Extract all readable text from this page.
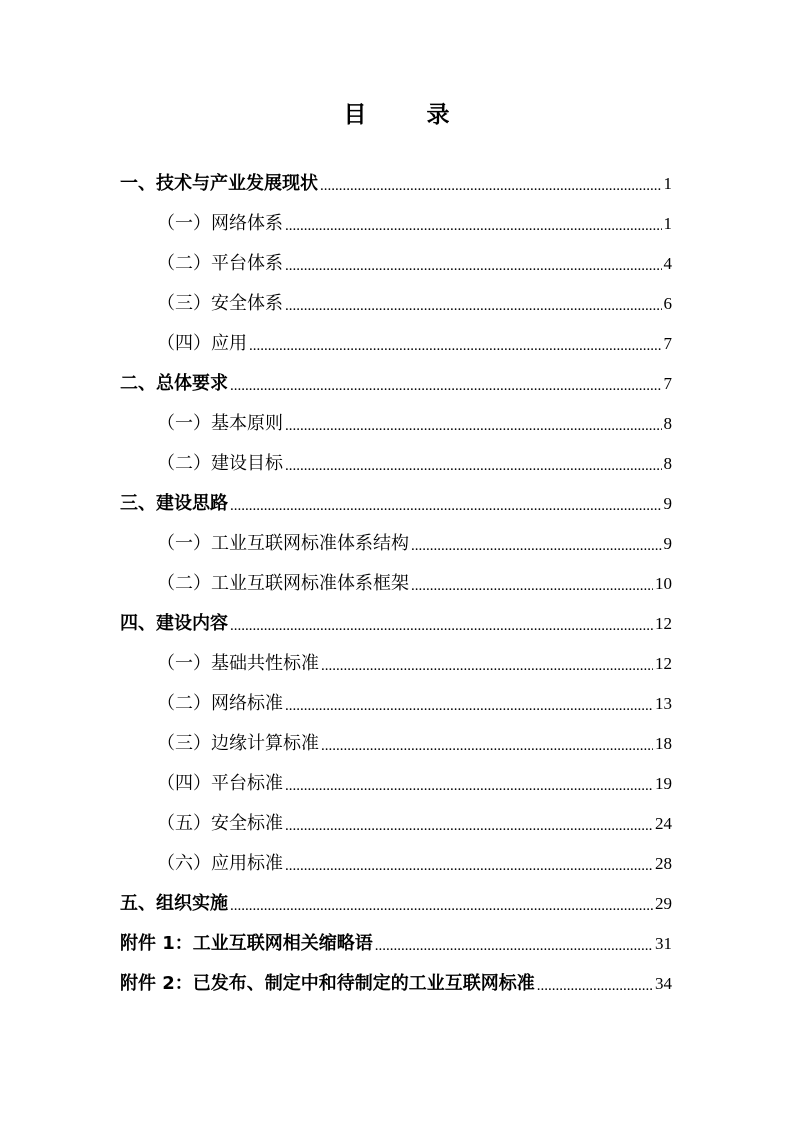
目 录
一、技术与产业发展现状 .....	1
（一）网络体系 .....	1
（二）平台体系 .....	4
（三）安全体系 .....	6
（四）应用 .....	7
二、总体要求 .....	7
（一）基本原则 .....	8
（二）建设目标 .....	8
三、建设思路 .....	9
（一）工业互联网标准体系结构 .....	9
（二）工业互联网标准体系框架 .....	10
四、建设内容 .....	12
（一）基础共性标准 .....	12
（二）网络标准 .....	13
（三）边缘计算标准 .....	18
（四）平台标准 .....	19
（五）安全标准 .....	24
（六）应用标准 .....	28
五、组织实施 .....	29
附件 1：工业互联网相关缩略语 .....	31
附件 2：已发布、制定中和待制定的工业互联网标准 .....	34
